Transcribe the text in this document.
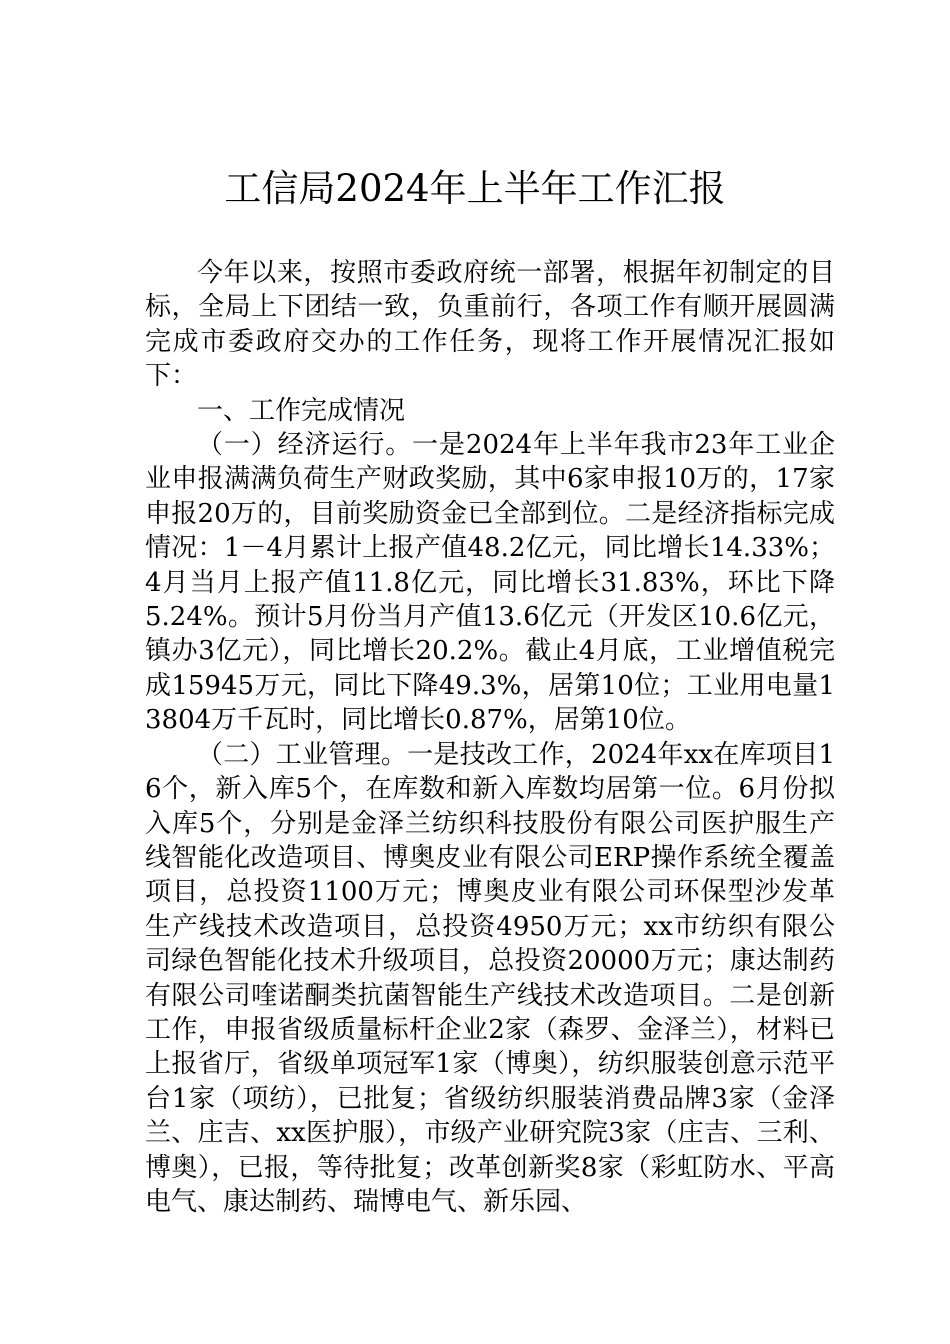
工信局2024年上半年工作汇报

今年以来，按照市委政府统一部署，根据年初制定的目标，全局上下团结一致，负重前行，各项工作有顺开展圆满完成市委政府交办的工作任务，现将工作开展情况汇报如下：

一、工作完成情况

（一）经济运行。一是2024年上半年我市23年工业企业申报满满负荷生产财政奖励，其中6家申报10万的，17家申报20万的，目前奖励资金已全部到位。二是经济指标完成情况：1－4月累计上报产值48.2亿元，同比增长14.33%；4月当月上报产值11.8亿元，同比增长31.83%，环比下降5.24%。预计5月份当月产值13.6亿元（开发区10.6亿元，镇办3亿元），同比增长20.2%。截止4月底，工业增值税完成15945万元，同比下降49.3%，居第10位；工业用电量13804万千瓦时，同比增长0.87%，居第10位。

（二）工业管理。一是技改工作，2024年xx在库项目16个，新入库5个，在库数和新入库数均居第一位。6月份拟入库5个，分别是金泽兰纺织科技股份有限公司医护服生产线智能化改造项目、博奥皮业有限公司ERP操作系统全覆盖项目，总投资1100万元；博奥皮业有限公司环保型沙发革生产线技术改造项目，总投资4950万元；xx市纺织有限公司绿色智能化技术升级项目，总投资20000万元；康达制药有限公司喹诺酮类抗菌智能生产线技术改造项目。二是创新工作，申报省级质量标杆企业2家（森罗、金泽兰），材料已上报省厅，省级单项冠军1家（博奥），纺织服装创意示范平台1家（项纺），已批复；省级纺织服装消费品牌3家（金泽兰、庄吉、xx医护服），市级产业研究院3家（庄吉、三利、博奥），已报，等待批复；改革创新奖8家（彩虹防水、平高电气、康达制药、瑞博电气、新乐园、
